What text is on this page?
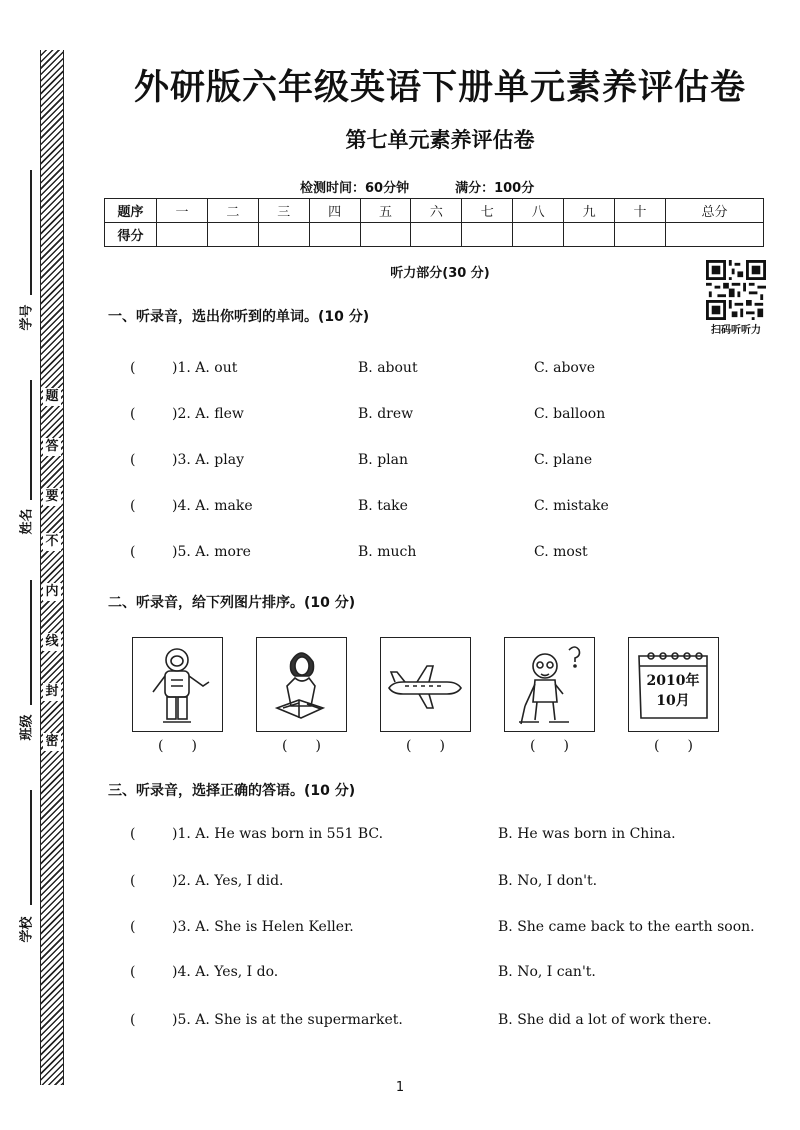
题
答
要
不
内
线
封
密
学号
姓名
班级
学校
外研版六年级英语下册单元素养评估卷
第七单元素养评估卷
检测时间：60分钟	满分：100分
题序	一	二	三	四	五	六	七	八	九	十	总分
得分											
听力部分(30 分)
扫码听听力
一、听录音，选出你听到的单词。(10 分)
(	)1. A. out	B. about	C. above
(	)2. A. flew	B. drew	C. balloon
(	)3. A. play	B. plan	C. plane
(	)4. A. make	B. take	C. mistake
(	)5. A. more	B. much	C. most
二、听录音，给下列图片排序。(10 分)
(　　)	(　　)	(　　)	(　　)
2010年
10月
(　　)
三、听录音，选择正确的答语。(10 分)
(	)1. A. He was born in 551 BC.	B. He was born in China.
(	)2. A. Yes, I did.	B. No, I don't.
(	)3. A. She is Helen Keller.	B. She came back to the earth soon.
(	)4. A. Yes, I do.	B. No, I can't.
(	)5. A. She is at the supermarket.	B. She did a lot of work there.
1
